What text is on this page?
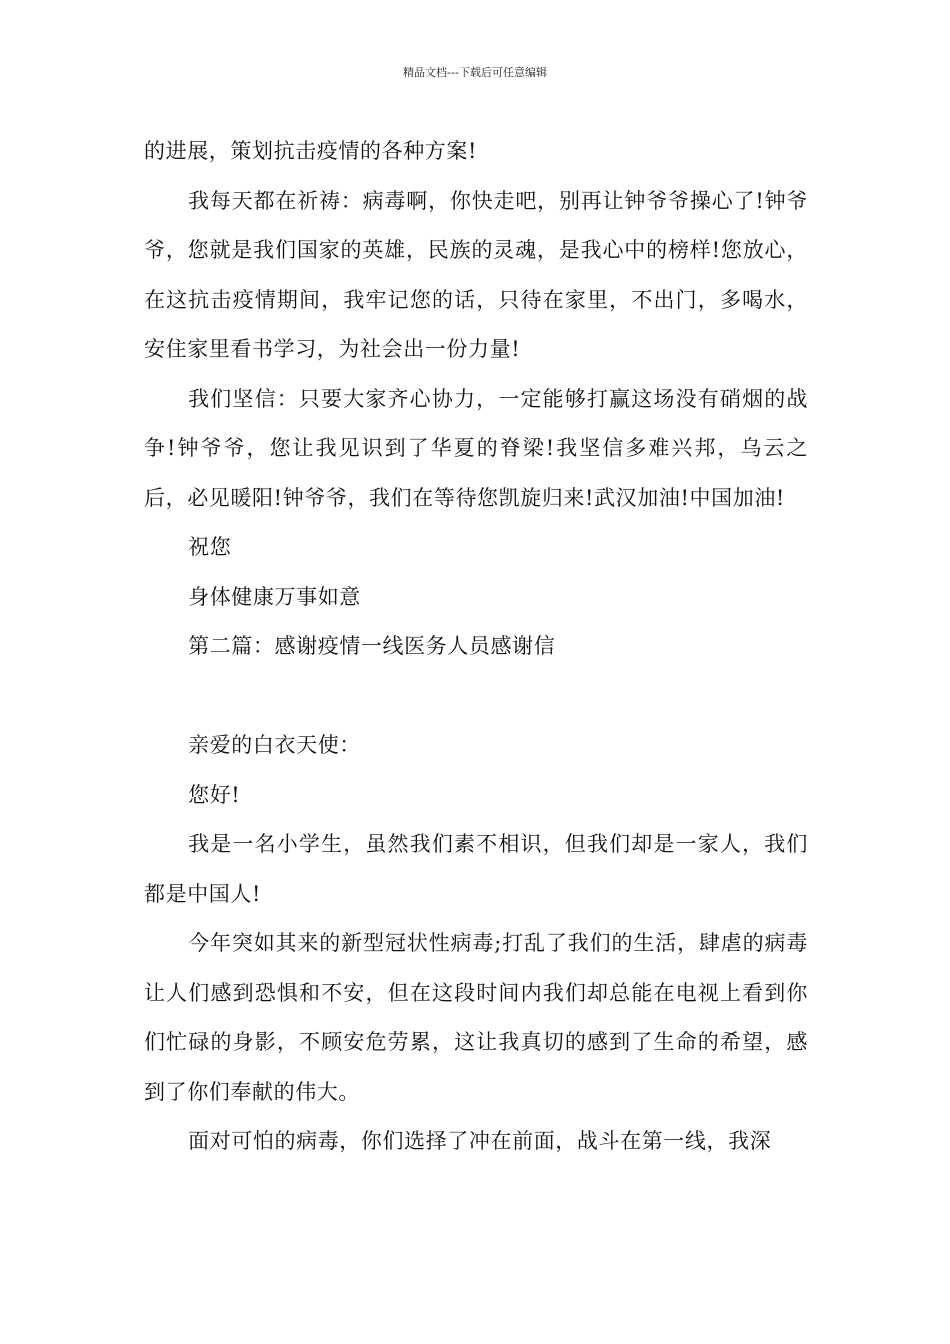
精品文档---下载后可任意编辑

的进展，策划抗击疫情的各种方案!

我每天都在祈祷：病毒啊，你快走吧，别再让钟爷爷操心了!钟爷爷，您就是我们国家的英雄，民族的灵魂，是我心中的榜样!您放心，在这抗击疫情期间，我牢记您的话，只待在家里，不出门，多喝水，安住家里看书学习，为社会出一份力量!

我们坚信：只要大家齐心协力，一定能够打赢这场没有硝烟的战争!钟爷爷，您让我见识到了华夏的脊梁!我坚信多难兴邦，乌云之后，必见暖阳!钟爷爷，我们在等待您凯旋归来!武汉加油!中国加油!

祝您

身体健康万事如意

第二篇：感谢疫情一线医务人员感谢信

亲爱的白衣天使：

您好!

我是一名小学生，虽然我们素不相识，但我们却是一家人，我们都是中国人!

今年突如其来的新型冠状性病毒;打乱了我们的生活，肆虐的病毒让人们感到恐惧和不安，但在这段时间内我们却总能在电视上看到你们忙碌的身影，不顾安危劳累，这让我真切的感到了生命的希望，感到了你们奉献的伟大。

面对可怕的病毒，你们选择了冲在前面，战斗在第一线，我深
